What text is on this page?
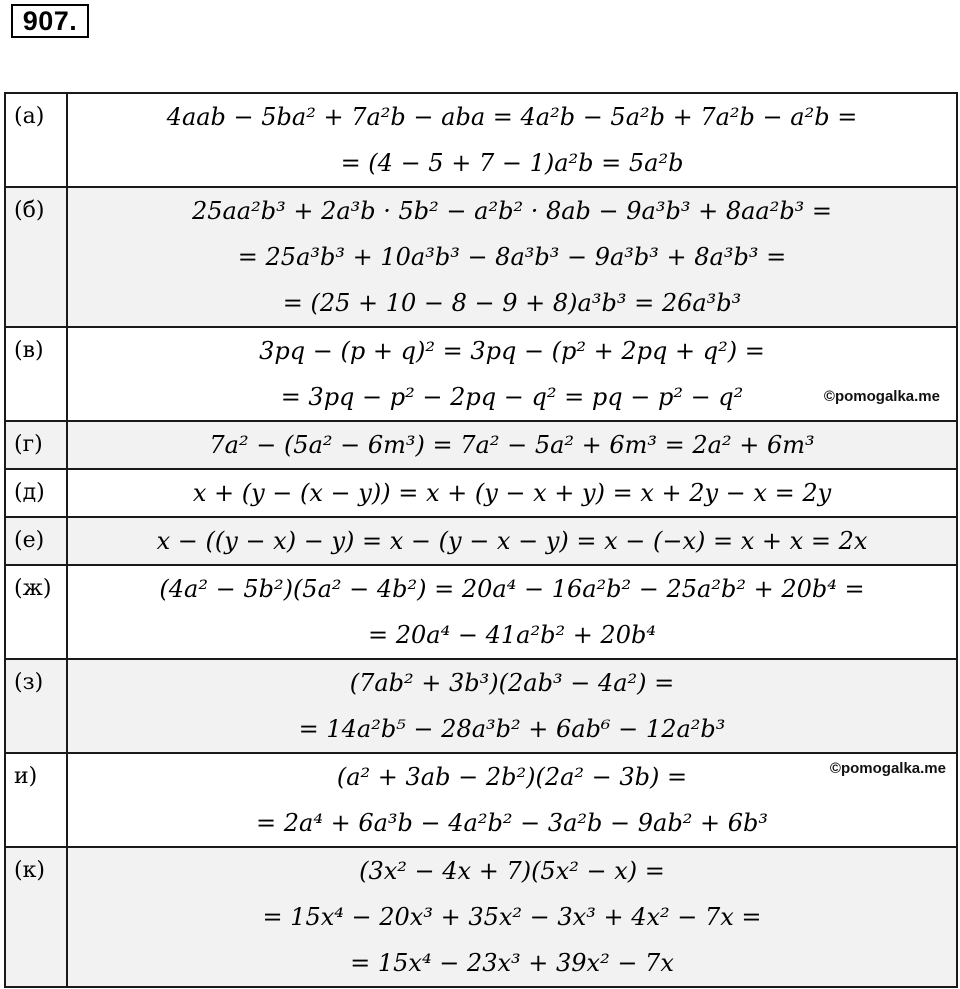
907.
(а)	4aab − 5ba² + 7a²b − aba = 4a²b − 5a²b + 7a²b − a²b =
= (4 − 5 + 7 − 1)a²b = 5a²b

(б)	25aa²b³ + 2a³b · 5b² − a²b² · 8ab − 9a³b³ + 8aa²b³ =
= 25a³b³ + 10a³b³ − 8a³b³ − 9a³b³ + 8a³b³ =
= (25 + 10 − 8 − 9 + 8)a³b³ = 26a³b³

(в)	3pq − (p + q)² = 3pq − (p² + 2pq + q²) =
= 3pq − p² − 2pq − q² = pq − p² − q² ©pomogalka.me

(г)	7a² − (5a² − 6m³) = 7a² − 5a² + 6m³ = 2a² + 6m³

(д)	x + (y − (x − y)) = x + (y − x + y) = x + 2y − x = 2y

(е)	x − ((y − x) − y) = x − (y − x − y) = x − (−x) = x + x = 2x

(ж)	(4a² − 5b²)(5a² − 4b²) = 20a⁴ − 16a²b² − 25a²b² + 20b⁴ =
= 20a⁴ − 41a²b² + 20b⁴

(з)	(7ab² + 3b³)(2ab³ − 4a²) =
= 14a²b⁵ − 28a³b² + 6ab⁶ − 12a²b³

и)	(a² + 3ab − 2b²)(2a² − 3b) =
= 2a⁴ + 6a³b − 4a²b² − 3a²b − 9ab² + 6b³
©pomogalka.me

(к)	(3x² − 4x + 7)(5x² − x) =
= 15x⁴ − 20x³ + 35x² − 3x³ + 4x² − 7x =
= 15x⁴ − 23x³ + 39x² − 7x
